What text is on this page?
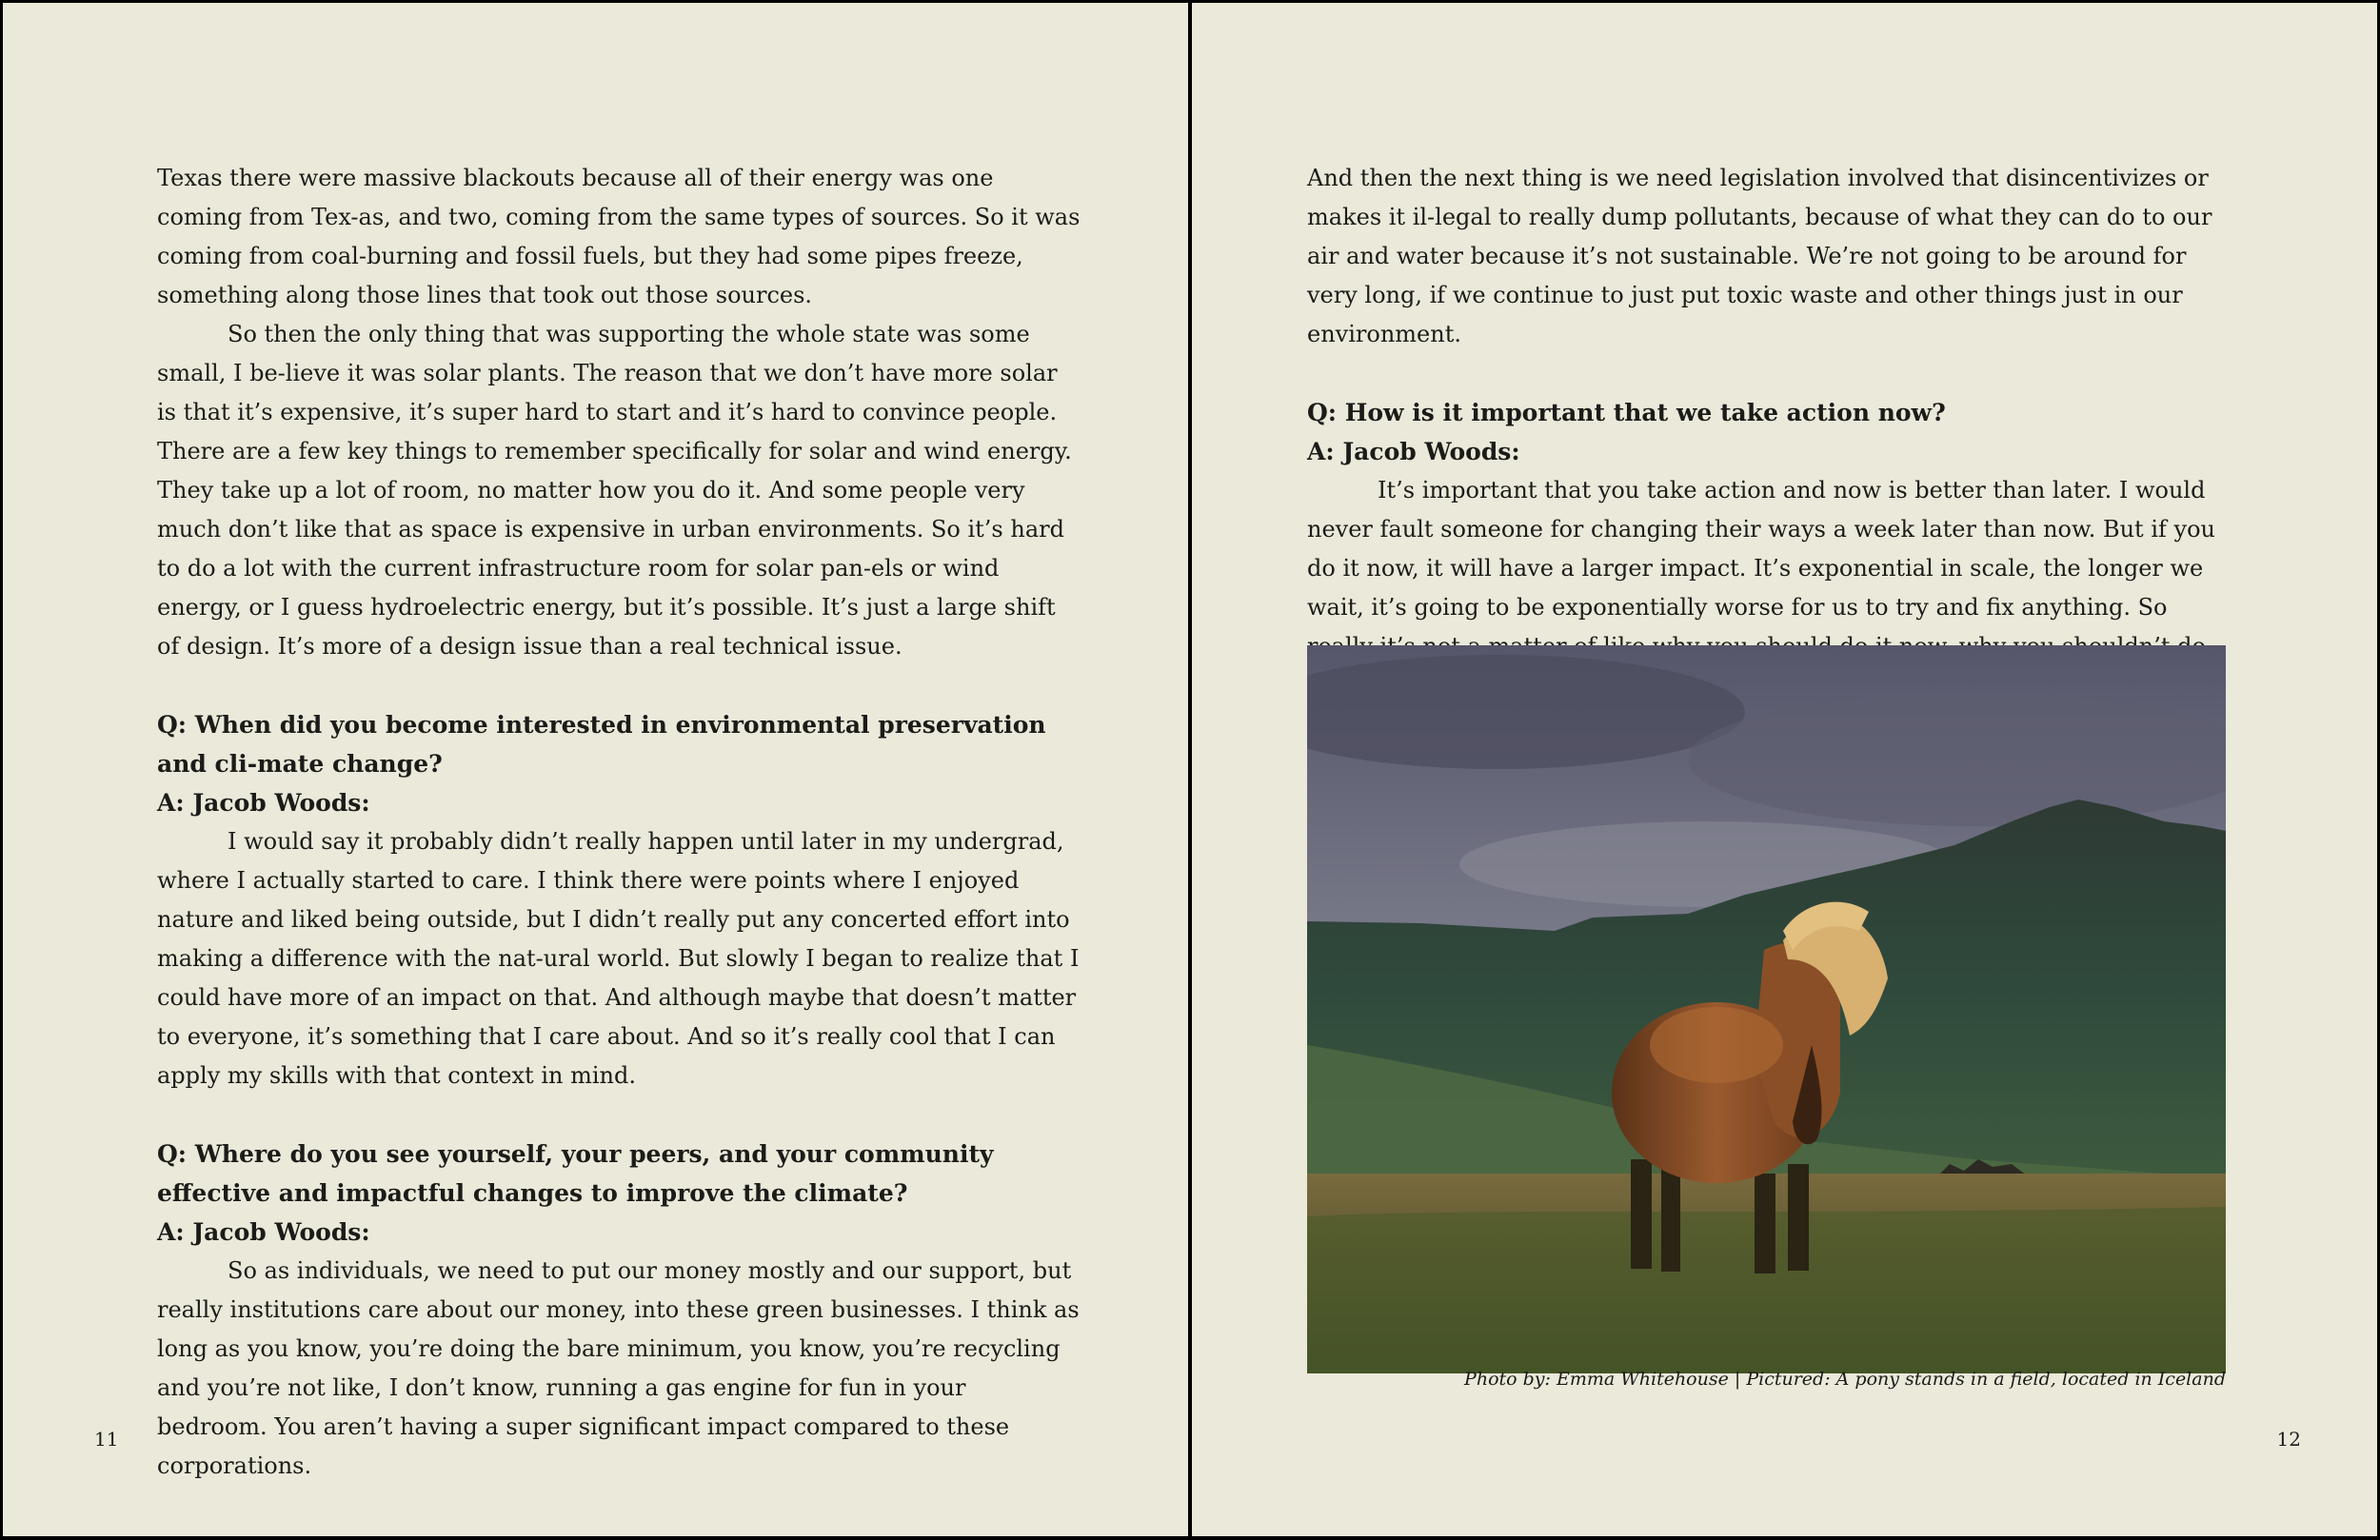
Texas there were massive blackouts because all of their energy was one coming from Tex-as, and two, coming from the same types of sources. So it was coming from coal-burning and fossil fuels, but they had some pipes freeze, something along those lines that took out those sources.

So then the only thing that was supporting the whole state was some small, I be-lieve it was solar plants. The reason that we don’t have more solar is that it’s expensive, it’s super hard to start and it’s hard to convince people. There are a few key things to remember specifically for solar and wind energy. They take up a lot of room, no matter how you do it. And some people very much don’t like that as space is expensive in urban environments. So it’s hard to do a lot with the current infrastructure room for solar pan-els or wind energy, or I guess hydroelectric energy, but it’s possible. It’s just a large shift of design. It’s more of a design issue than a real technical issue.

Q: When did you become interested in environmental preservation and cli-mate change?

A: Jacob Woods:

I would say it probably didn’t really happen until later in my undergrad, where I actually started to care. I think there were points where I enjoyed nature and liked being outside, but I didn’t really put any concerted effort into making a difference with the nat-ural world. But slowly I began to realize that I could have more of an impact on that. And although maybe that doesn’t matter to everyone, it’s something that I care about. And so it’s really cool that I can apply my skills with that context in mind.

Q: Where do you see yourself, your peers, and your community effective and impactful changes to improve the climate?

A: Jacob Woods:

So as individuals, we need to put our money mostly and our support, but really institutions care about our money, into these green businesses. I think as long as you know, you’re doing the bare minimum, you know, you’re recycling and you’re not like, I don’t know, running a gas engine for fun in your bedroom. You aren’t having a super significant impact compared to these corporations.

11

And then the next thing is we need legislation involved that disincentivizes or makes it il-legal to really dump pollutants, because of what they can do to our air and water because it’s not sustainable. We’re not going to be around for very long, if we continue to just put toxic waste and other things just in our environment.

Q: How is it important that we take action now?

A: Jacob Woods:

It’s important that you take action and now is better than later. I would never fault someone for changing their ways a week later than now. But if you do it now, it will have a larger impact. It’s exponential in scale, the longer we wait, it’s going to be exponentially worse for us to try and fix anything. So

Photo by: Emma Whitehouse | Pictured: A pony stands in a field, located in Iceland
12
